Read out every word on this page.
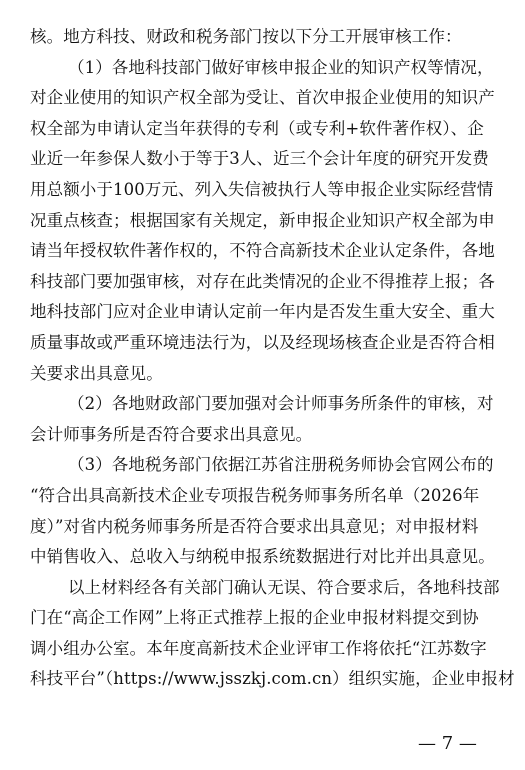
核。地方科技、财政和税务部门按以下分工开展审核工作：
（1）各地科技部门做好审核申报企业的知识产权等情况，
对企业使用的知识产权全部为受让、首次申报企业使用的知识产
权全部为申请认定当年获得的专利（或专利+软件著作权）、企
业近一年参保人数小于等于3人、近三个会计年度的研究开发费
用总额小于100万元、列入失信被执行人等申报企业实际经营情
况重点核查；根据国家有关规定，新申报企业知识产权全部为申
请当年授权软件著作权的，不符合高新技术企业认定条件，各地
科技部门要加强审核，对存在此类情况的企业不得推荐上报；各
地科技部门应对企业申请认定前一年内是否发生重大安全、重大
质量事故或严重环境违法行为，以及经现场核查企业是否符合相
关要求出具意见。
（2）各地财政部门要加强对会计师事务所条件的审核，对
会计师事务所是否符合要求出具意见。
（3）各地税务部门依据江苏省注册税务师协会官网公布的
“符合出具高新技术企业专项报告税务师事务所名单（2026年
度）”对省内税务师事务所是否符合要求出具意见；对申报材料
中销售收入、总收入与纳税申报系统数据进行对比并出具意见。
以上材料经各有关部门确认无误、符合要求后，各地科技部
门在“高企工作网”上将正式推荐上报的企业申报材料提交到协
调小组办公室。本年度高新技术企业评审工作将依托“江苏数字
科技平台”（https://www.jsszkj.com.cn）组织实施，企业申报材
— 7 —
